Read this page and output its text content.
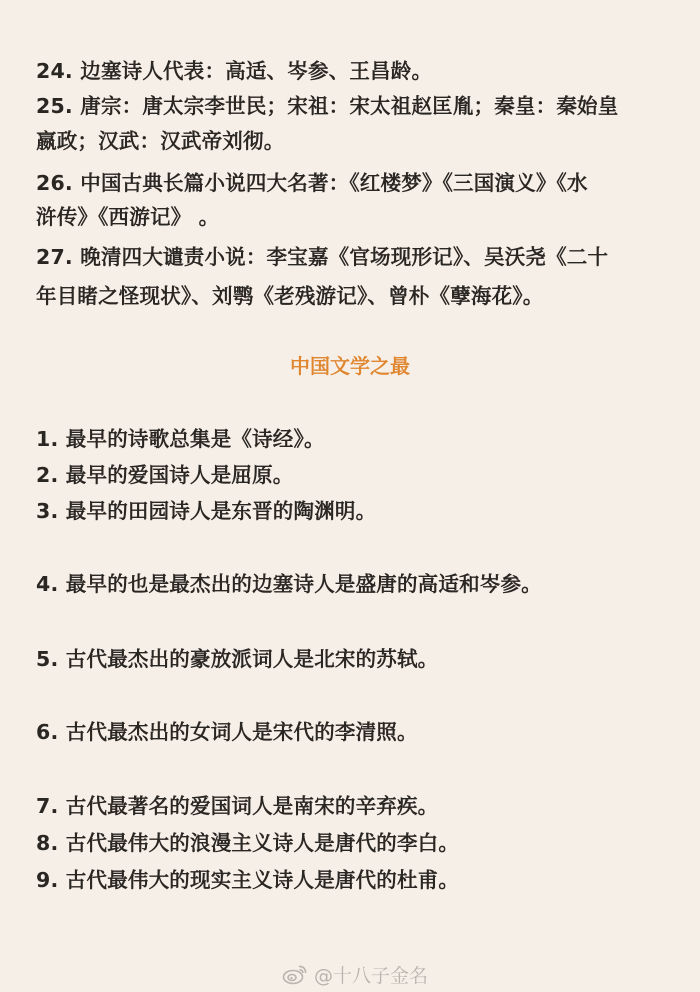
24. 边塞诗人代表：高适、岑参、王昌龄。
25. 唐宗：唐太宗李世民；宋祖：宋太祖赵匡胤；秦皇：秦始皇
嬴政；汉武：汉武帝刘彻。
26. 中国古典长篇小说四大名著：《红楼梦》《三国演义》《水
浒传》《西游记》 。
27. 晚清四大谴责小说：李宝嘉《官场现形记》、吴沃尧《二十
年目睹之怪现状》、刘鹗《老残游记》、曾朴《孽海花》。
中国文学之最
1. 最早的诗歌总集是《诗经》。
2. 最早的爱国诗人是屈原。
3. 最早的田园诗人是东晋的陶渊明。
4. 最早的也是最杰出的边塞诗人是盛唐的高适和岑参。
5. 古代最杰出的豪放派词人是北宋的苏轼。
6. 古代最杰出的女词人是宋代的李清照。
7. 古代最著名的爱国词人是南宋的辛弃疾。
8. 古代最伟大的浪漫主义诗人是唐代的李白。
9. 古代最伟大的现实主义诗人是唐代的杜甫。
@十八子金名
